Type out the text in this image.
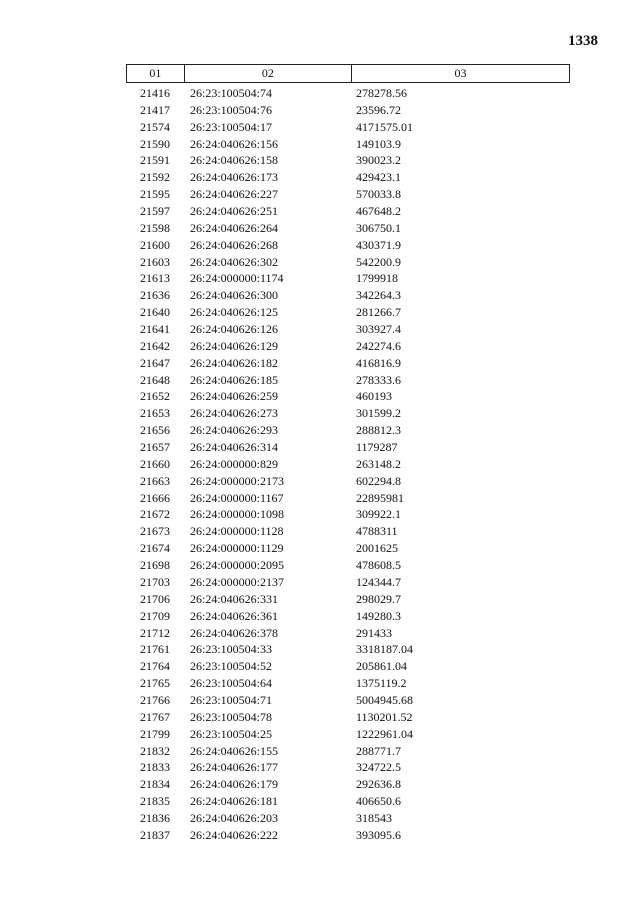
1338
01	02	03
21416	26:23:100504:74	278278.56
21417	26:23:100504:76	23596.72
21574	26:23:100504:17	4171575.01
21590	26:24:040626:156	149103.9
21591	26:24:040626:158	390023.2
21592	26:24:040626:173	429423.1
21595	26:24:040626:227	570033.8
21597	26:24:040626:251	467648.2
21598	26:24:040626:264	306750.1
21600	26:24:040626:268	430371.9
21603	26:24:040626:302	542200.9
21613	26:24:000000:1174	1799918
21636	26:24:040626:300	342264.3
21640	26:24:040626:125	281266.7
21641	26:24:040626:126	303927.4
21642	26:24:040626:129	242274.6
21647	26:24:040626:182	416816.9
21648	26:24:040626:185	278333.6
21652	26:24:040626:259	460193
21653	26:24:040626:273	301599.2
21656	26:24:040626:293	288812.3
21657	26:24:040626:314	1179287
21660	26:24:000000:829	263148.2
21663	26:24:000000:2173	602294.8
21666	26:24:000000:1167	22895981
21672	26:24:000000:1098	309922.1
21673	26:24:000000:1128	4788311
21674	26:24:000000:1129	2001625
21698	26:24:000000:2095	478608.5
21703	26:24:000000:2137	124344.7
21706	26:24:040626:331	298029.7
21709	26:24:040626:361	149280.3
21712	26:24:040626:378	291433
21761	26:23:100504:33	3318187.04
21764	26:23:100504:52	205861.04
21765	26:23:100504:64	1375119.2
21766	26:23:100504:71	5004945.68
21767	26:23:100504:78	1130201.52
21799	26:23:100504:25	1222961.04
21832	26:24:040626:155	288771.7
21833	26:24:040626:177	324722.5
21834	26:24:040626:179	292636.8
21835	26:24:040626:181	406650.6
21836	26:24:040626:203	318543
21837	26:24:040626:222	393095.6
